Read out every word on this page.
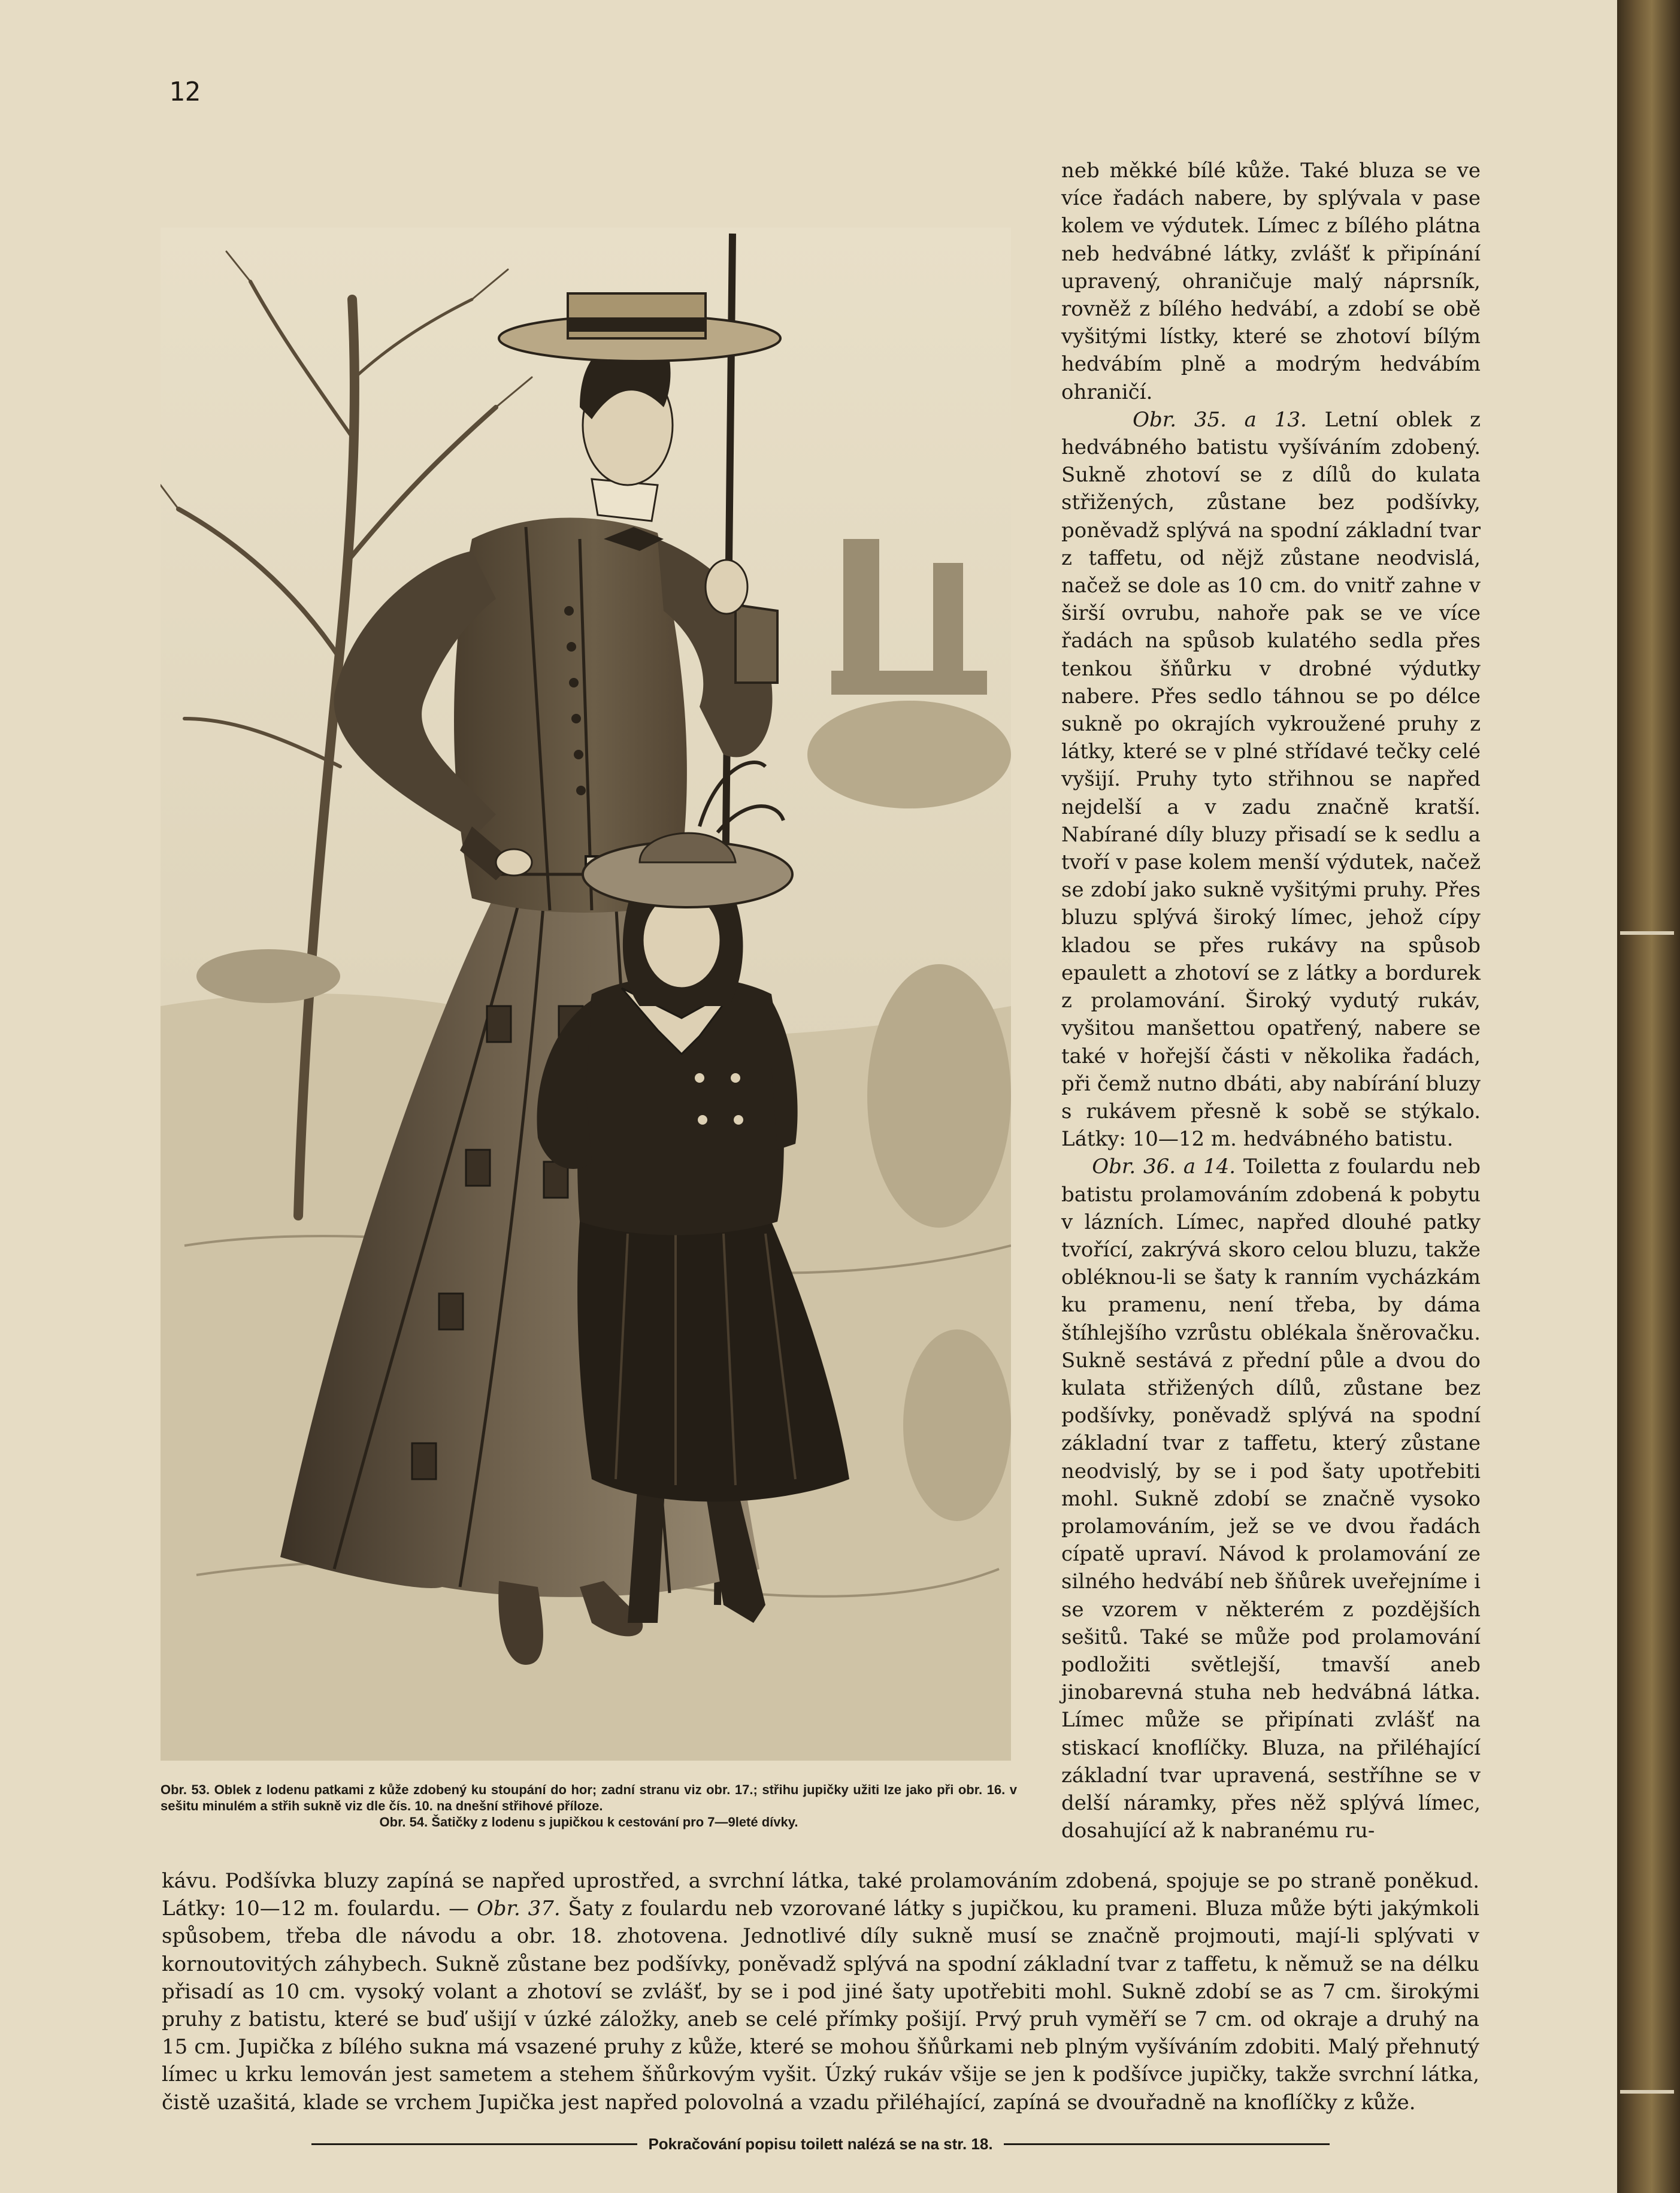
12
Obr. 53. Oblek z lodenu patkami z kůže zdobený ku stoupání do hor; zadní stranu viz obr. 17.; střihu jupičky užiti lze jako při obr. 16. v sešitu minulém a střih sukně viz dle čís. 10. na dnešní střihové příloze.
Obr. 54. Šatičky z lodenu s jupičkou k cestování pro 7—9leté dívky.

neb měkké bílé kůže. Také bluza se ve více řadách nabere, by splývala v pase kolem ve výdutek. Límec z bílého plátna neb hedvábné látky, zvlášť k připínání upravený, ohraničuje malý náprsník, rovněž z bílého hedvábí, a zdobí se obě vyšitými lístky, které se zhotoví bílým hedvábím plně a modrým hedvábím ohraničí.

Obr. 35. a 13. Letní oblek z hedvábného batistu vyšíváním zdobený. Sukně zhotoví se z dílů do kulata střižených, zůstane bez podšívky, poněvadž splývá na spodní základní tvar z taffetu, od nějž zůstane neodvislá, načež se dole as 10 cm. do vnitř zahne v širší ovrubu, nahoře pak se ve více řadách na spůsob kulatého sedla přes tenkou šňůrku v drobné výdutky nabere. Přes sedlo táhnou se po délce sukně po okrajích vykroužené pruhy z látky, které se v plné střídavé tečky celé vyšijí. Pruhy tyto střihnou se napřed nejdelší a v zadu značně kratší. Nabírané díly bluzy přisadí se k sedlu a tvoří v pase kolem menší výdutek, načež se zdobí jako sukně vyšitými pruhy. Přes bluzu splývá široký límec, jehož cípy kladou se přes rukávy na spůsob epaulett a zhotoví se z látky a bordurek z prolamování. Široký vydutý rukáv, vyšitou manšettou opatřený, nabere se také v hořejší části v několika řadách, při čemž nutno dbáti, aby nabírání bluzy s rukávem přesně k sobě se stýkalo. Látky: 10—12 m. hedvábného batistu.

Obr. 36. a 14. Toiletta z foulardu neb batistu prolamováním zdobená k pobytu v lázních. Límec, napřed dlouhé patky tvořící, zakrývá skoro celou bluzu, takže obléknou-li se šaty k ranním vycházkám ku pramenu, není třeba, by dáma štíhlejšího vzrůstu oblékala šněrovačku. Sukně sestává z přední půle a dvou do kulata střižených dílů, zůstane bez podšívky, poněvadž splývá na spodní základní tvar z taffetu, který zůstane neodvislý, by se i pod šaty upotřebiti mohl. Sukně zdobí se značně vysoko prolamováním, jež se ve dvou řadách cípatě upraví. Návod k prolamování ze silného hedvábí neb šňůrek uveřejníme i se vzorem v některém z pozdějších sešitů. Také se může pod prolamování podložiti světlejší, tmavší aneb jinobarevná stuha neb hedvábná látka. Límec může se připínati zvlášť na stiskací knoflíčky. Bluza, na přiléhající základní tvar upravená, sestříhne se v delší náramky, přes něž splývá límec, dosahující až k nabranému ru-

kávu. Podšívka bluzy zapíná se napřed uprostřed, a svrchní látka, také prolamováním zdobená, spojuje se po straně poněkud. Látky: 10—12 m. foulardu. — Obr. 37. Šaty z foulardu neb vzorované látky s jupičkou, ku prameni. Bluza může býti jakýmkoli spůsobem, třeba dle návodu a obr. 18. zhotovena. Jednotlivé díly sukně musí se značně projmouti, mají-li splývati v kornoutovitých záhybech. Sukně zůstane bez podšívky, poněvadž splývá na spodní základní tvar z taffetu, k němuž se na délku přisadí as 10 cm. vysoký volant a zhotoví se zvlášť, by se i pod jiné šaty upotřebiti mohl. Sukně zdobí se as 7 cm. širokými pruhy z batistu, které se buď ušijí v úzké záložky, aneb se celé přímky pošijí. Prvý pruh vyměří se 7 cm. od okraje a druhý na 15 cm. Jupička z bílého sukna má vsazené pruhy z kůže, které se mohou šňůrkami neb plným vyšíváním zdobiti. Malý přehnutý límec u krku lemován jest sametem a stehem šňůrkovým vyšit. Úzký rukáv všije se jen k podšívce jupičky, takže svrchní látka, čistě uzašitá, klade se vrchem Jupička jest napřed polovolná a vzadu přiléhající, zapíná se dvouřadně na knoflíčky z kůže.

Pokračování popisu toilett nalézá se na str. 18.
